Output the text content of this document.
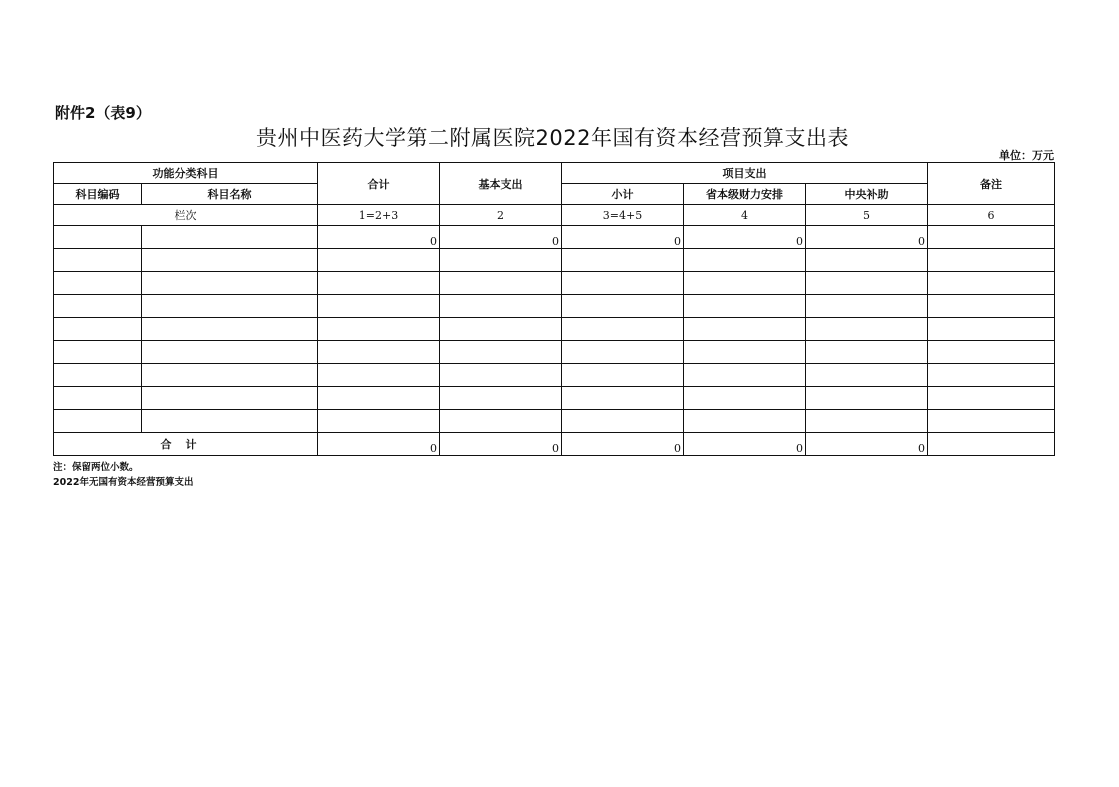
附件2（表9）
贵州中医药大学第二附属医院2022年国有资本经营预算支出表
单位：万元
功能分类科目		合计	基本支出	项目支出			备注
科目编码	科目名称			小计	省本级财力安排	中央补助	
栏次		1=2+3	2	3=4+5	4	5	6
		0	0	0	0	0	

合计		0	0	0	0	0	
注：保留两位小数。
2022年无国有资本经营预算支出
